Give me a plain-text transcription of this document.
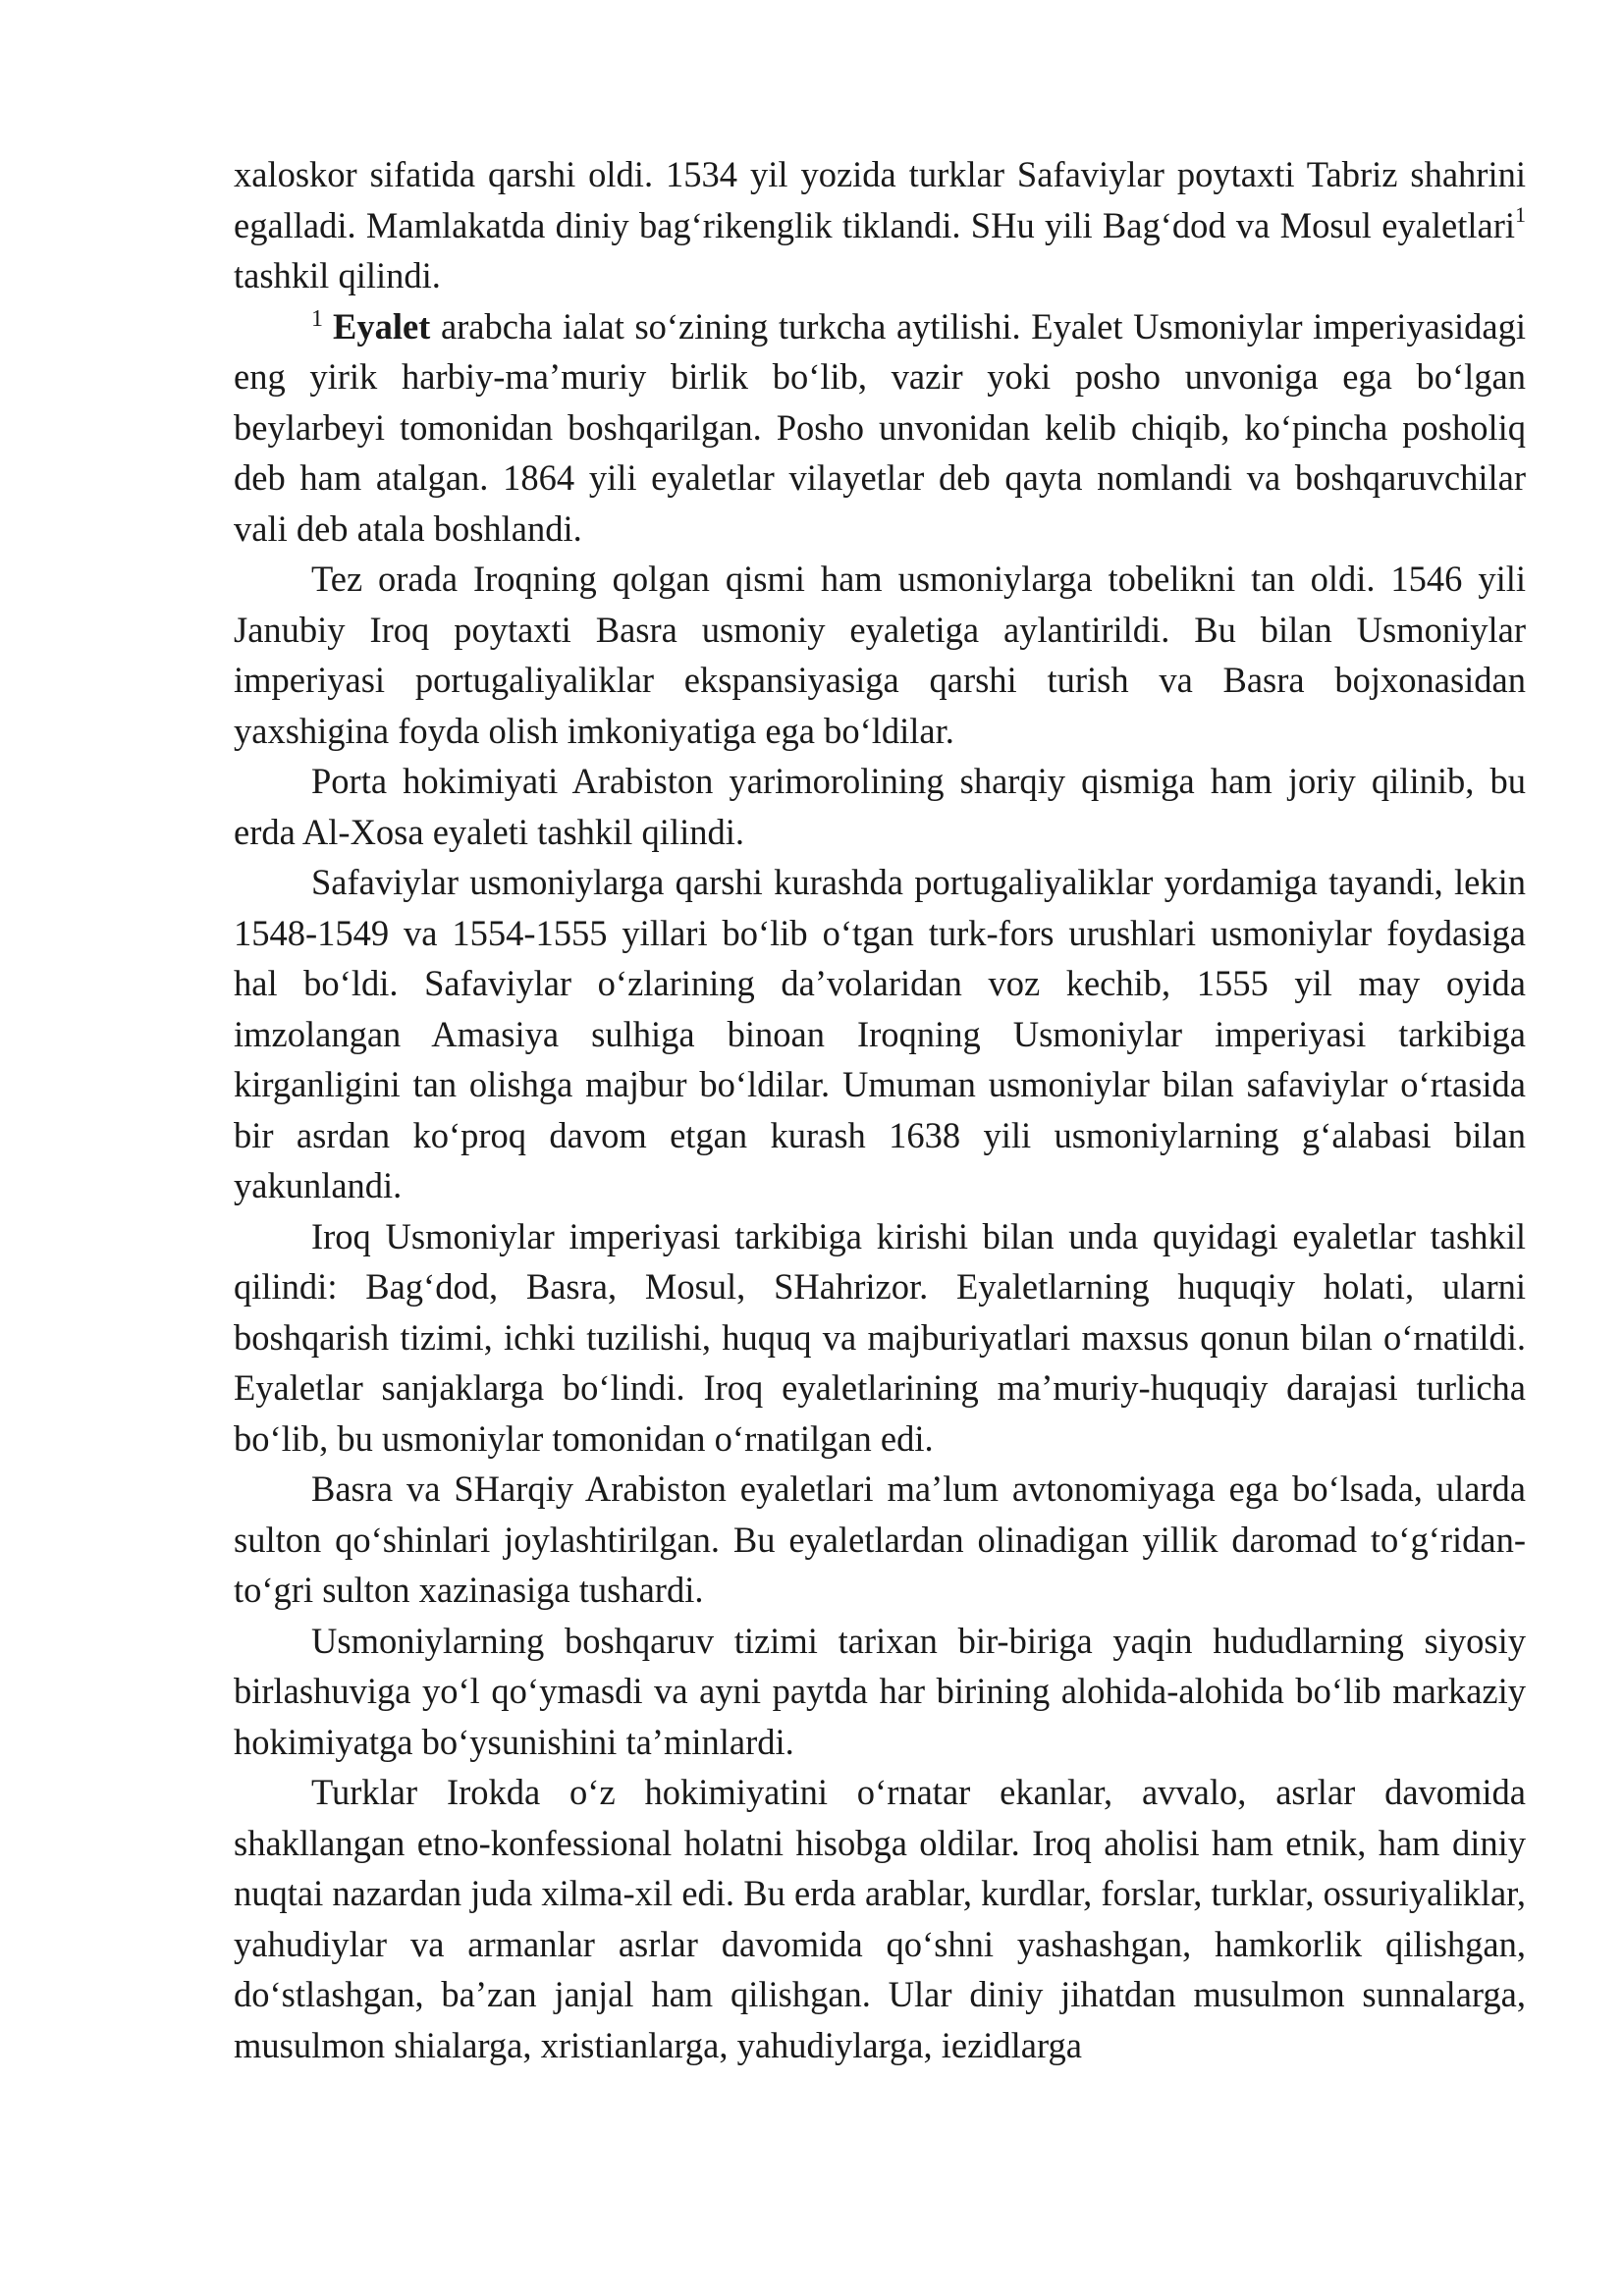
xaloskor sifatida qarshi oldi. 1534 yil yozida turklar Safaviylar poytaxti Tabriz shahrini egalladi. Mamlakatda diniy bag‘rikenglik tiklandi. SHu yili Bag‘dod va Mosul eyaletlari$^1$ tashkil qilindi.

$^1$ Eyalet arabcha ialat so‘zining turkcha aytilishi. Eyalet Usmoniylar imperiyasidagi eng yirik harbiy-ma’muriy birlik bo‘lib, vazir yoki posho unvoniga ega bo‘lgan beylarbeyi tomonidan boshqarilgan. Posho unvonidan kelib chiqib, ko‘pincha posholiq deb ham atalgan. 1864 yili eyaletlar vilayetlar deb qayta nomlandi va boshqaruvchilar vali deb atala boshlandi.

Tez orada Iroqning qolgan qismi ham usmoniylarga tobelikni tan oldi. 1546 yili Janubiy Iroq poytaxti Basra usmoniy eyaletiga aylantirildi. Bu bilan Usmoniylar imperiyasi portugaliyaliklar ekspansiyasiga qarshi turish va Basra bojxonasidan yaxshigina foyda olish imkoniyatiga ega bo‘ldilar.

Porta hokimiyati Arabiston yarimorolining sharqiy qismiga ham joriy qilinib, bu erda Al-Xosa eyaleti tashkil qilindi.

Safaviylar usmoniylarga qarshi kurashda portugaliyaliklar yordamiga tayandi, lekin 1548-1549 va 1554-1555 yillari bo‘lib o‘tgan turk-fors urushlari usmoniylar foydasiga hal bo‘ldi. Safaviylar o‘zlarining da’volaridan voz kechib, 1555 yil may oyida imzolangan Amasiya sulhiga binoan Iroqning Usmoniylar imperiyasi tarkibiga kirganligini tan olishga majbur bo‘ldilar. Umuman usmoniylar bilan safaviylar o‘rtasida bir asrdan ko‘proq davom etgan kurash 1638 yili usmoniylarning g‘alabasi bilan yakunlandi.

Iroq Usmoniylar imperiyasi tarkibiga kirishi bilan unda quyidagi eyaletlar tashkil qilindi: Bag‘dod, Basra, Mosul, SHahrizor. Eyaletlarning huquqiy holati, ularni boshqarish tizimi, ichki tuzilishi, huquq va majburiyatlari maxsus qonun bilan o‘rnatildi. Eyaletlar sanjaklarga bo‘lindi. Iroq eyaletlarining ma’muriy-huquqiy darajasi turlicha bo‘lib, bu usmoniylar tomonidan o‘rnatilgan edi.

Basra va SHarqiy Arabiston eyaletlari ma’lum avtonomiyaga ega bo‘lsada, ularda sulton qo‘shinlari joylashtirilgan. Bu eyaletlardan olinadigan yillik daromad to‘g‘ridan-to‘gri sulton xazinasiga tushardi.

Usmoniylarning boshqaruv tizimi tarixan bir-biriga yaqin hududlarning siyosiy birlashuviga yo‘l qo‘ymasdi va ayni paytda har birining alohida-alohida bo‘lib markaziy hokimiyatga bo‘ysunishini ta’minlardi.

Turklar Irokda o‘z hokimiyatini o‘rnatar ekanlar, avvalo, asrlar davomida shakllangan etno-konfessional holatni hisobga oldilar. Iroq aholisi ham etnik, ham diniy nuqtai nazardan juda xilma-xil edi. Bu erda arablar, kurdlar, forslar, turklar, ossuriyaliklar, yahudiylar va armanlar asrlar davomida qo‘shni yashashgan, hamkorlik qilishgan, do‘stlashgan, ba’zan janjal ham qilishgan. Ular diniy jihatdan musulmon sunnalarga, musulmon shialarga, xristianlarga, yahudiylarga, iezidlarga
